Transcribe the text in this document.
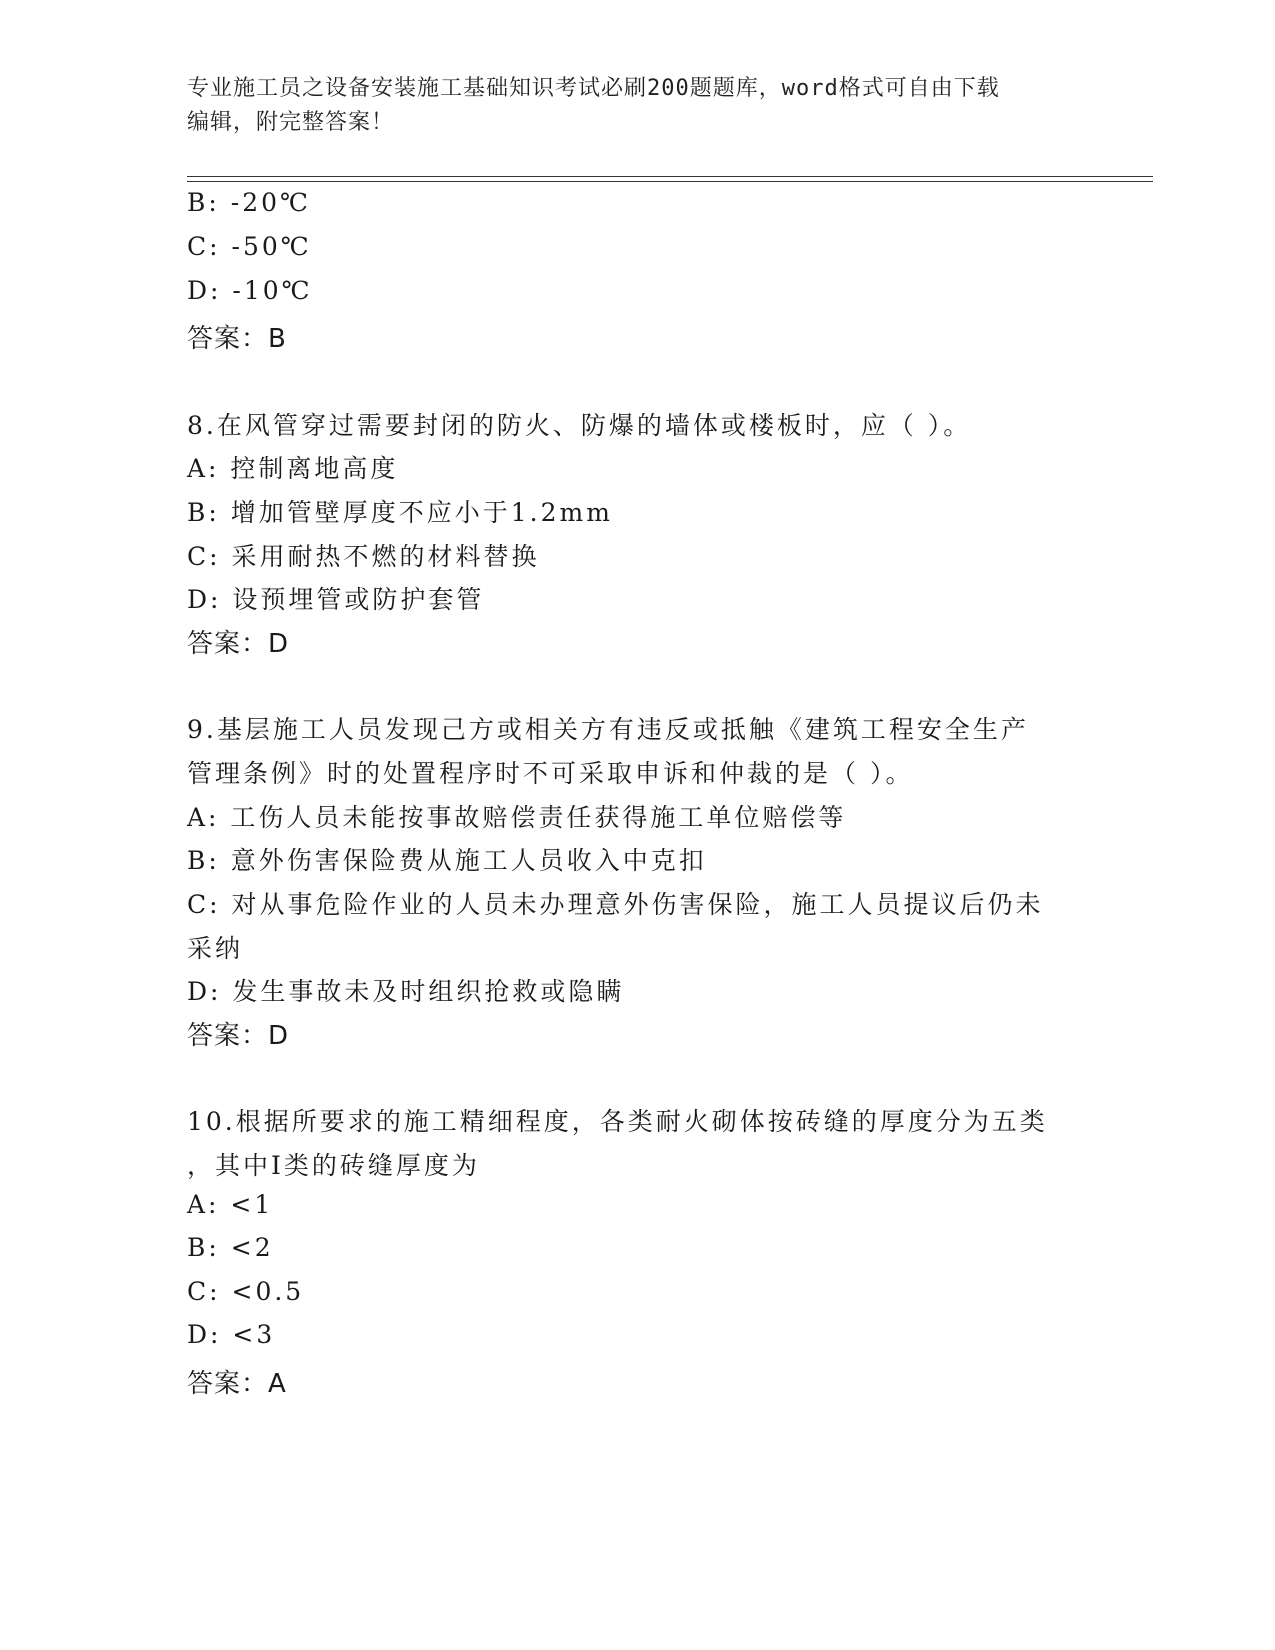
专业施工员之设备安装施工基础知识考试必刷200题题库，word格式可自由下载
编辑，附完整答案！
B: -20℃
C: -50℃
D: -10℃
答案：B
8.在风管穿过需要封闭的防火、防爆的墙体或楼板时，应（ ）。
A: 控制离地高度
B: 增加管壁厚度不应小于1.2mm
C: 采用耐热不燃的材料替换
D: 设预埋管或防护套管
答案：D
9.基层施工人员发现己方或相关方有违反或抵触《建筑工程安全生产
管理条例》时的处置程序时不可采取申诉和仲裁的是（ ）。
A: 工伤人员未能按事故赔偿责任获得施工单位赔偿等
B: 意外伤害保险费从施工人员收入中克扣
C: 对从事危险作业的人员未办理意外伤害保险，施工人员提议后仍未
采纳
D: 发生事故未及时组织抢救或隐瞒
答案：D
10.根据所要求的施工精细程度，各类耐火砌体按砖缝的厚度分为五类
，其中Ⅰ类的砖缝厚度为
A: <1
B: <2
C: <0.5
D: <3
答案：A
